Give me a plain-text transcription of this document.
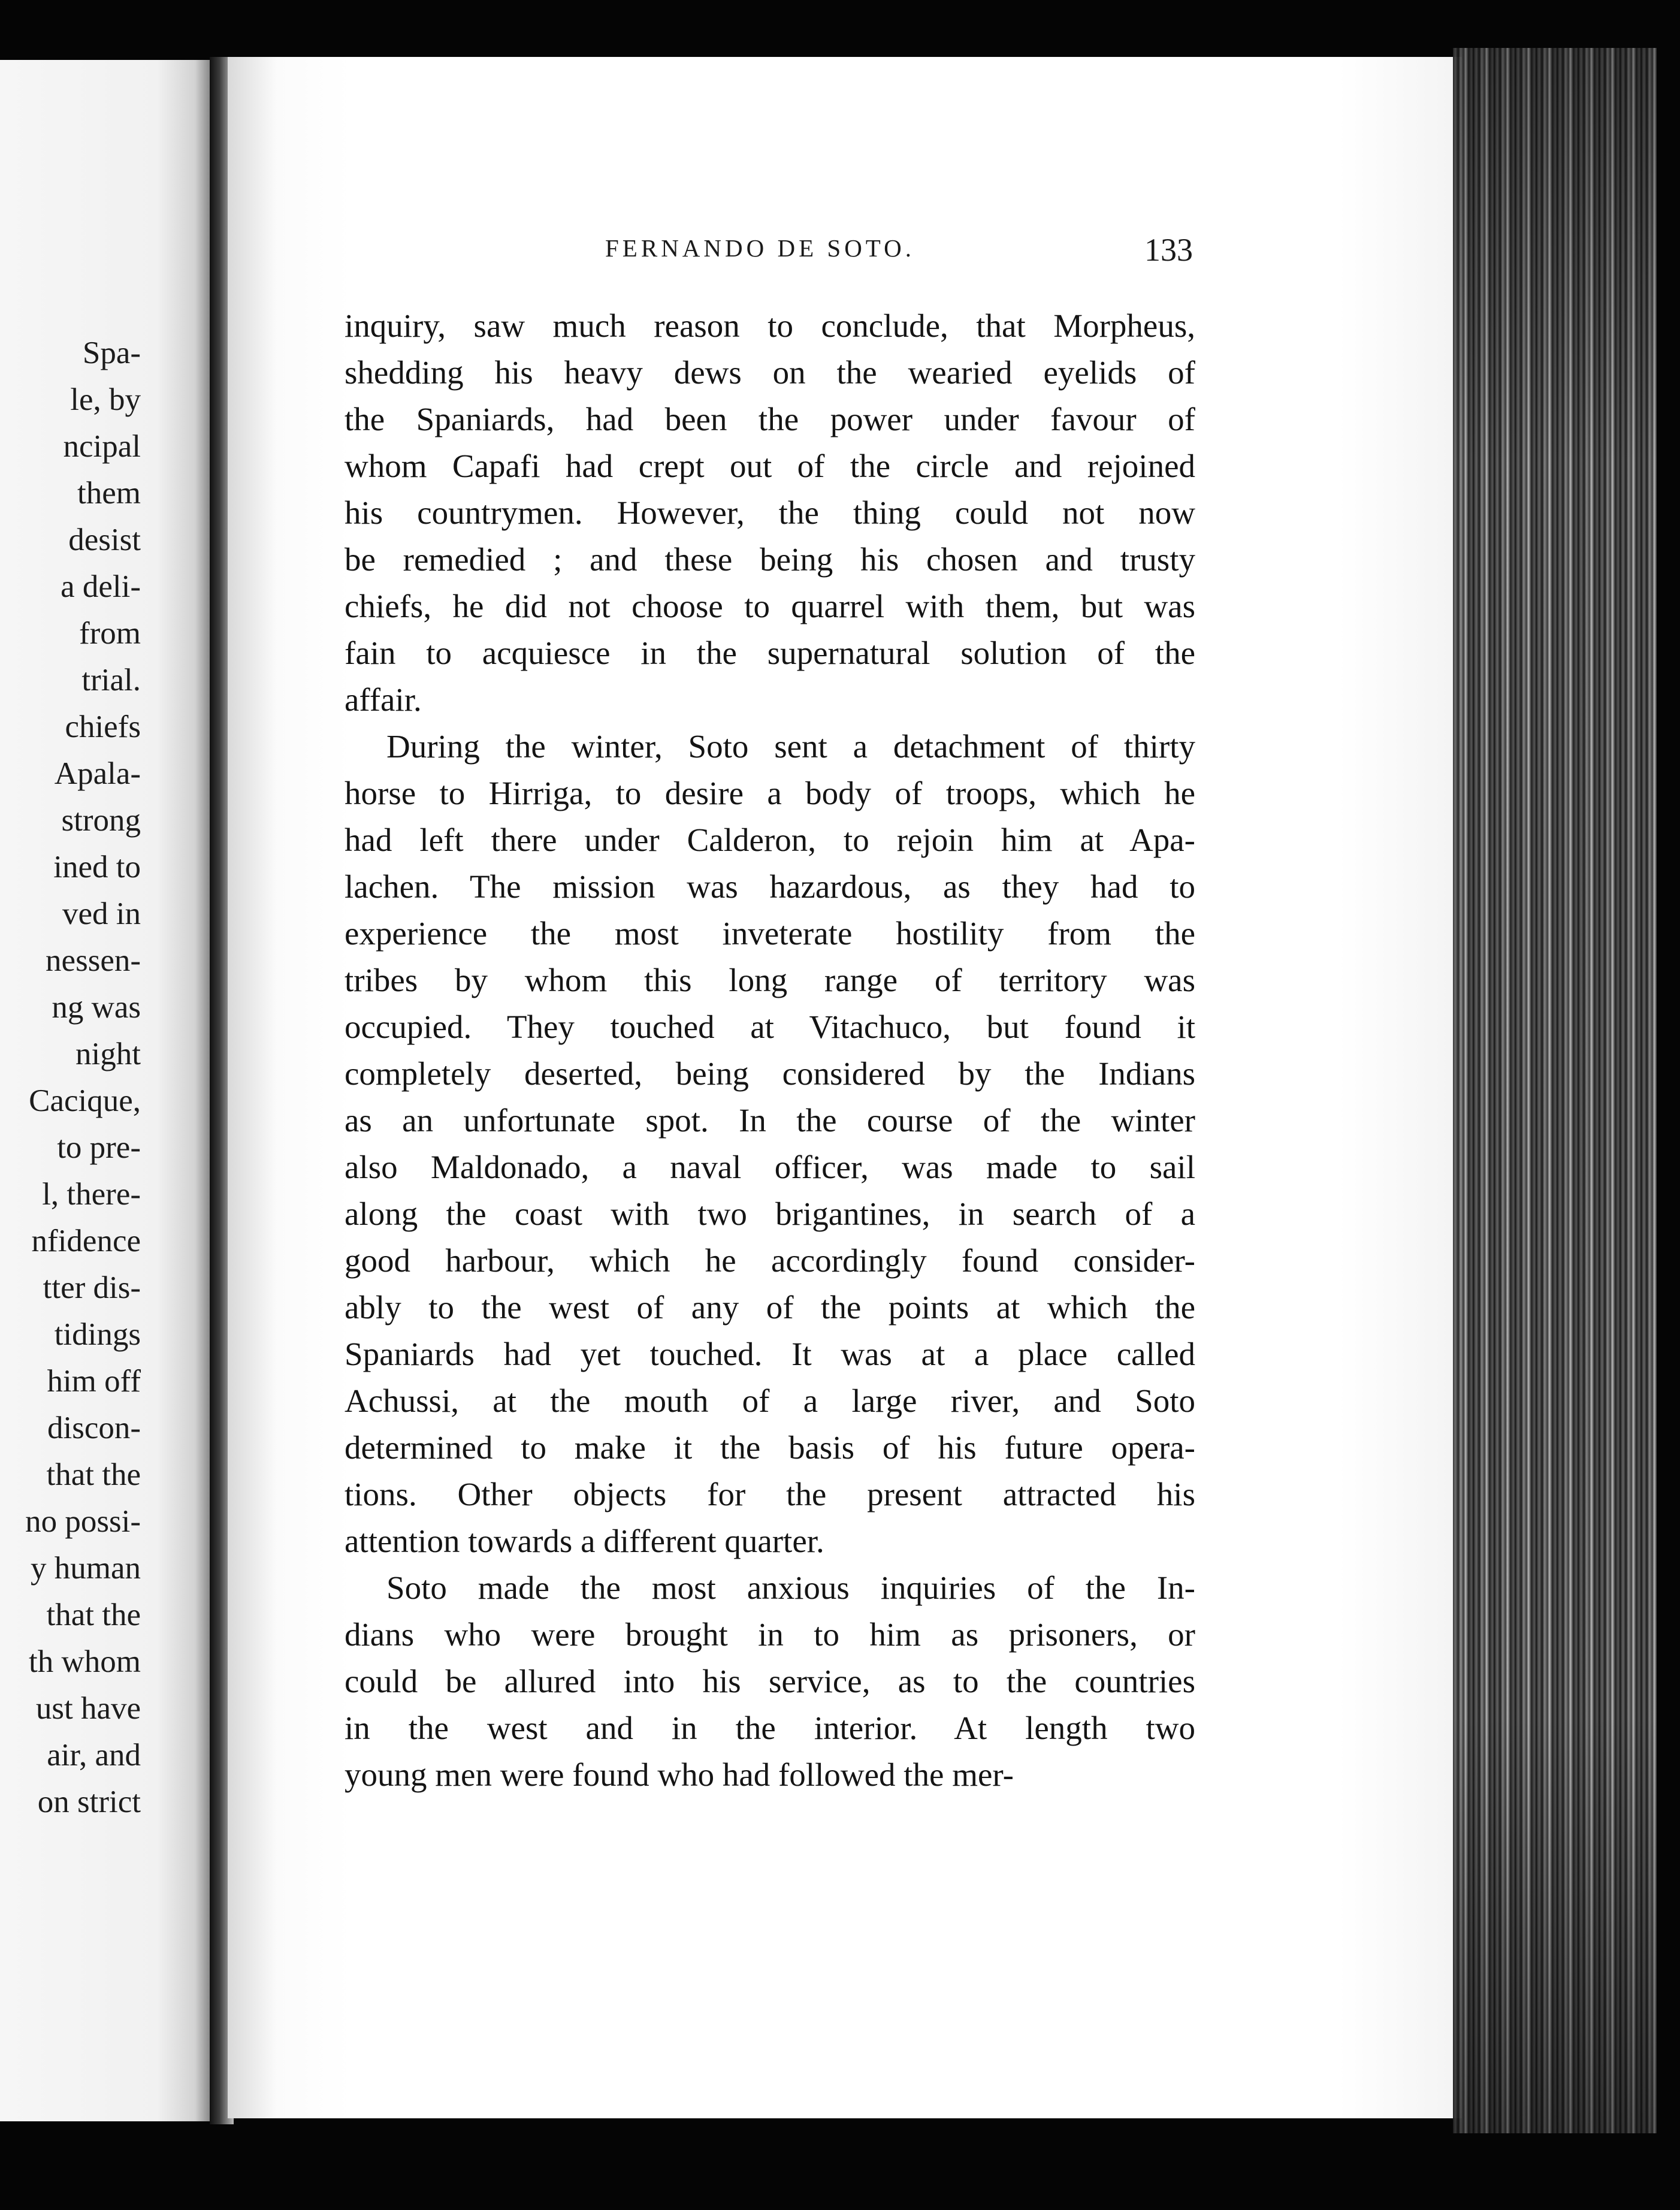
Spa-
le, by
ncipal
them
desist
a deli-
from
trial.
chiefs
Apala-
strong
ined to
ved in
nessen-
ng was
night
Cacique,
to pre-
l, there-
nfidence
tter dis-
tidings
him off
discon-
that the
no possi-
y human
that the
th whom
ust have
air, and
on strict
FERNANDO DE SOTO.	133
inquiry, saw much reason to conclude, that Morpheus,
shedding his heavy dews on the wearied eyelids of
the Spaniards, had been the power under favour of
whom Capafi had crept out of the circle and rejoined
his countrymen. However, the thing could not now
be remedied ; and these being his chosen and trusty
chiefs, he did not choose to quarrel with them, but was
fain to acquiesce in the supernatural solution of the
affair.
During the winter, Soto sent a detachment of thirty
horse to Hirriga, to desire a body of troops, which he
had left there under Calderon, to rejoin him at Apa-
lachen. The mission was hazardous, as they had to
experience the most inveterate hostility from the
tribes by whom this long range of territory was
occupied. They touched at Vitachuco, but found it
completely deserted, being considered by the Indians
as an unfortunate spot. In the course of the winter
also Maldonado, a naval officer, was made to sail
along the coast with two brigantines, in search of a
good harbour, which he accordingly found consider-
ably to the west of any of the points at which the
Spaniards had yet touched. It was at a place called
Achussi, at the mouth of a large river, and Soto
determined to make it the basis of his future opera-
tions. Other objects for the present attracted his
attention towards a different quarter.
Soto made the most anxious inquiries of the In-
dians who were brought in to him as prisoners, or
could be allured into his service, as to the countries
in the west and in the interior. At length two
young men were found who had followed the mer-
